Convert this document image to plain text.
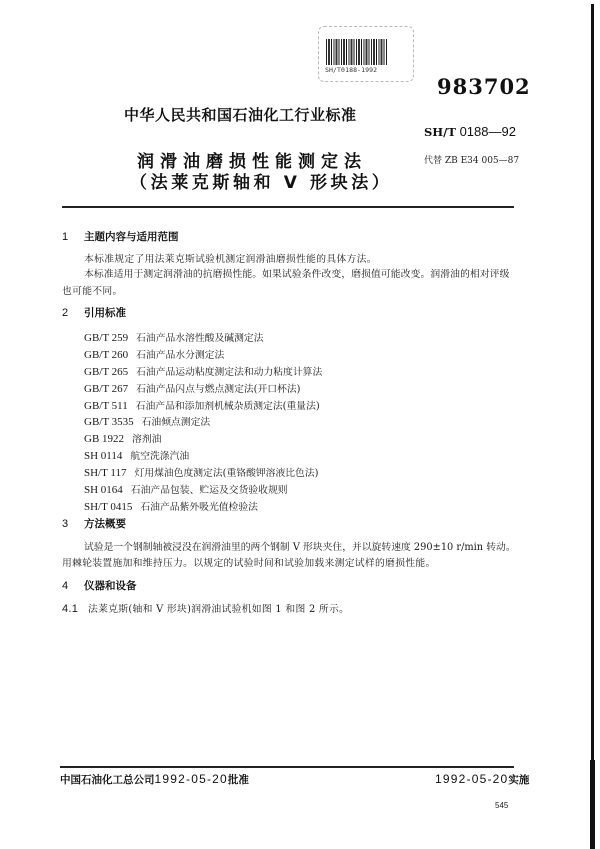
SH/T0188-1992
983702
中华人民共和国石油化工行业标准
SH/T 0188—92
代替 ZB E34 005—87
润滑油磨损性能测定法
（法莱克斯轴和 V 形块法）
1 主题内容与适用范围
本标准规定了用法莱克斯试验机测定润滑油磨损性能的具体方法。
本标准适用于测定润滑油的抗磨损性能。如果试验条件改变，磨损值可能改变。润滑油的相对评级
也可能不同。
2 引用标准
GB/T 259 石油产品水溶性酸及碱测定法
GB/T 260 石油产品水分测定法
GB/T 265 石油产品运动粘度测定法和动力粘度计算法
GB/T 267 石油产品闪点与燃点测定法(开口杯法)
GB/T 511 石油产品和添加剂机械杂质测定法(重量法)
GB/T 3535 石油倾点测定法
GB 1922 溶剂油
SH 0114 航空洗涤汽油
SH/T 117 灯用煤油色度测定法(重铬酸钾溶液比色法)
SH 0164 石油产品包装、贮运及交货验收规则
SH/T 0415 石油产品紫外吸光值检验法
3 方法概要
试验是一个钢制轴被浸没在润滑油里的两个钢制 V 形块夹住，并以旋转速度 290±10 r/min 转动。
用棘轮装置施加和维持压力。以规定的试验时间和试验加载来测定试样的磨损性能。
4 仪器和设备
4.1 法莱克斯(轴和 V 形块)润滑油试验机如图 1 和图 2 所示。
中国石油化工总公司1992-05-20批准	1992-05-20实施
545
